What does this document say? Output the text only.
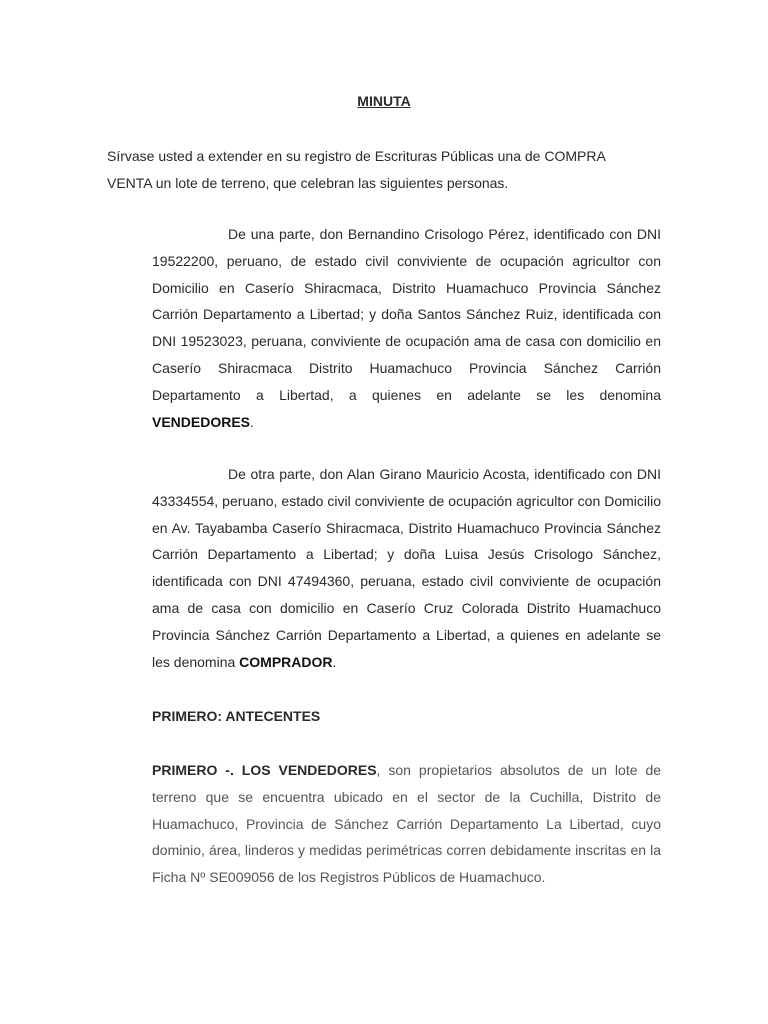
MINUTA

Sírvase usted a extender en su registro de Escrituras Públicas una de COMPRA VENTA un lote de terreno, que celebran las siguientes personas.

De una parte, don Bernandino Crisologo Pérez, identificado con DNI 19522200, peruano, de estado civil conviviente de ocupación agricultor con Domicilio en Caserío Shiracmaca, Distrito Huamachuco Provincia Sánchez Carrión Departamento a Libertad; y doña Santos Sánchez Ruiz, identificada con DNI 19523023, peruana, conviviente de ocupación ama de casa con domicilio en Caserío Shiracmaca Distrito Huamachuco Provincia Sánchez Carrión Departamento a Libertad, a quienes en adelante se les denomina VENDEDORES.

De otra parte, don Alan Girano Mauricio Acosta, identificado con DNI 43334554, peruano, estado civil conviviente de ocupación agricultor con Domicilio en Av. Tayabamba Caserío Shiracmaca, Distrito Huamachuco Provincia Sánchez Carrión Departamento a Libertad; y doña Luisa Jesús Crisologo Sánchez, identificada con DNI 47494360, peruana, estado civil conviviente de ocupación ama de casa con domicilio en Caserío Cruz Colorada Distrito Huamachuco Provincia Sánchez Carrión Departamento a Libertad, a quienes en adelante se les denomina COMPRADOR.

PRIMERO: ANTECENTES

PRIMERO -. LOS VENDEDORES, son propietarios absolutos de un lote de terreno que se encuentra ubicado en el sector de la Cuchilla, Distrito de Huamachuco, Provincia de Sánchez Carrión Departamento La Libertad, cuyo dominio, área, linderos y medidas perimétricas corren debidamente inscritas en la Ficha Nº SE009056 de los Registros Públicos de Huamachuco.
